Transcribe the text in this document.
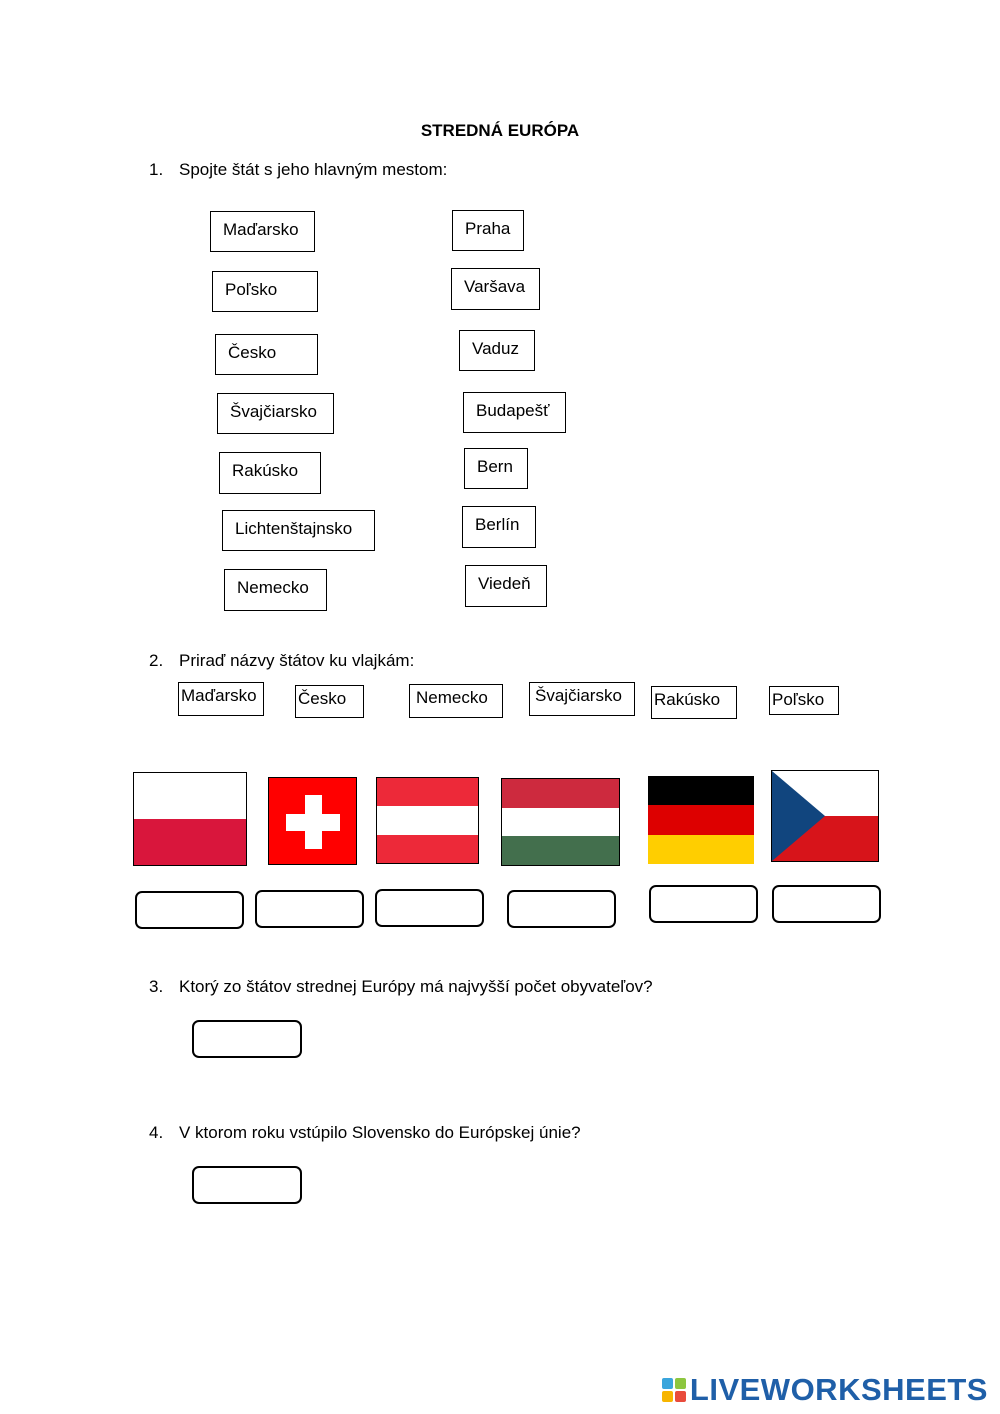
STREDNÁ EURÓPA
1. Spojte štát s jeho hlavným mestom:
Maďarsko
Poľsko
Česko
Švajčiarsko
Rakúsko
Lichtenštajnsko
Nemecko
Praha
Varšava
Vaduz
Budapešť
Bern
Berlín
Viedeň
2. Priraď názvy štátov ku vlajkám:
Maďarsko	Česko	Nemecko	Švajčiarsko	Rakúsko	Poľsko
3. Ktorý zo štátov strednej Európy má najvyšší počet obyvateľov?
4. V ktorom roku vstúpilo Slovensko do Európskej únie?
LIVEWORKSHEETS
